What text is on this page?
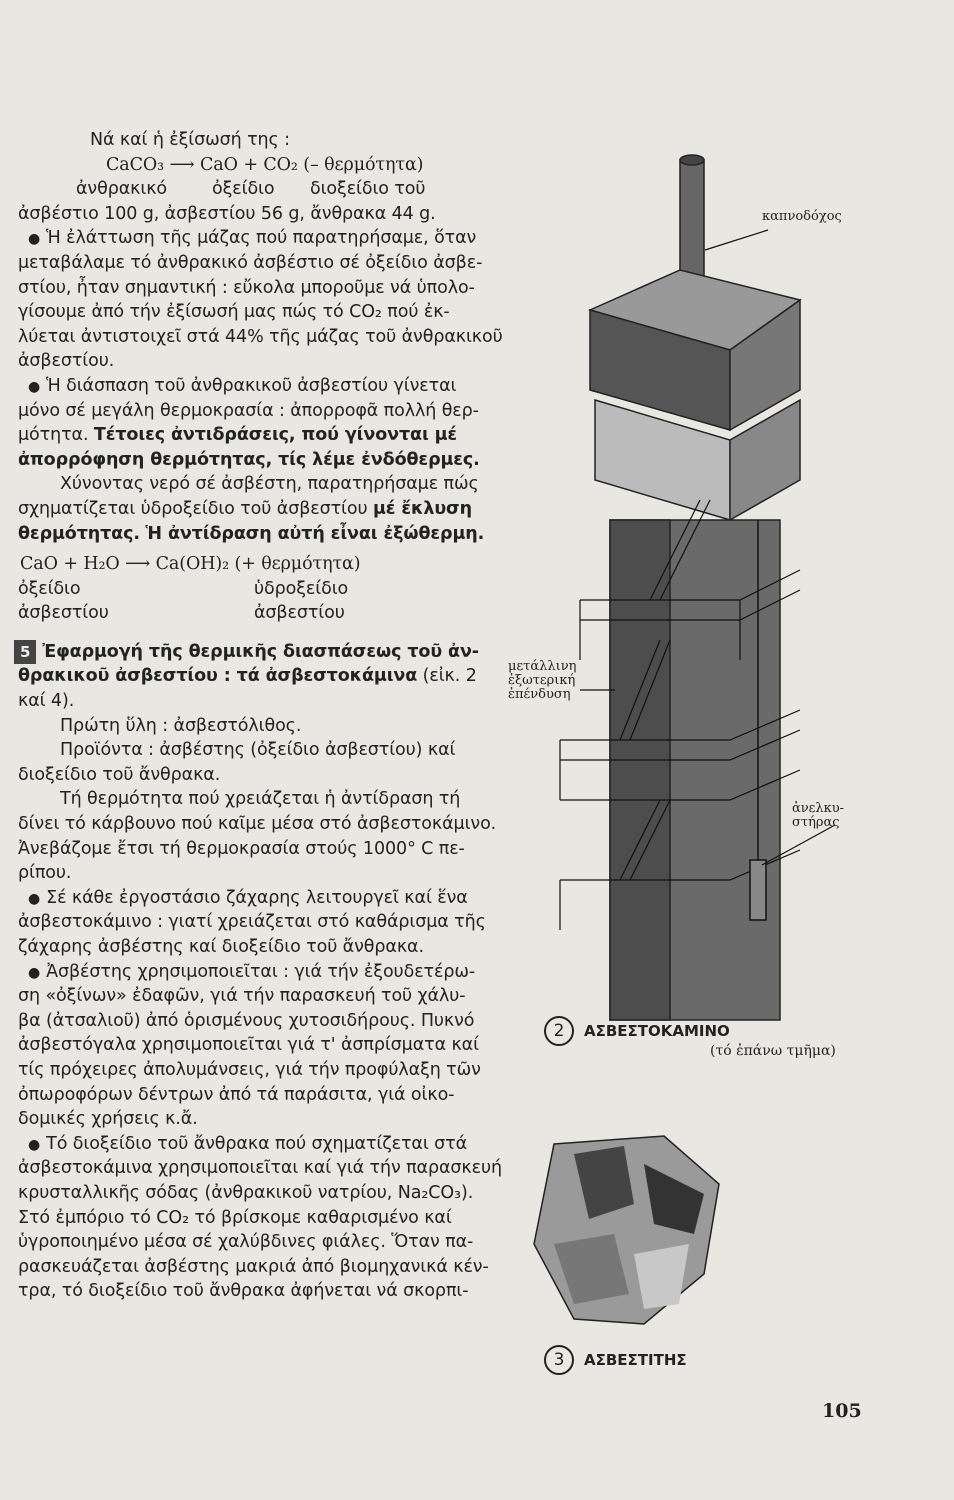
Νά καί ἡ ἐξίσωσή της :
CaCO₃ ⟶ CaO + CO₂ (– θερμότητα)
ἀνθρακικό	ὀξείδιο διοξείδιο τοῦ
ἀσβέστιο 100 g, ἀσβεστίου 56 g, ἄνθρακα 44 g.
● Ἡ ἐλάττωση τῆς μάζας πού παρατηρήσαμε, ὅταν
μεταβάλαμε τό ἀνθρακικό ἀσβέστιο σέ ὀξείδιο ἀσβε-
στίου, ἦταν σημαντική : εὔκολα μποροῦμε νά ὑπολο-
γίσουμε ἀπό τήν ἐξίσωσή μας πώς τό CO₂ πού ἐκ-
λύεται ἀντιστοιχεῖ στά 44% τῆς μάζας τοῦ ἀνθρακικοῦ
ἀσβεστίου.
● Ἡ διάσπαση τοῦ ἀνθρακικοῦ ἀσβεστίου γίνεται
μόνο σέ μεγάλη θερμοκρασία : ἀπορροφᾶ πολλή θερ-
μότητα. Τέτοιες ἀντιδράσεις, πού γίνονται μέ
ἀπορρόφηση θερμότητας, τίς λέμε ἐνδόθερμες.
Χύνοντας νερό σέ ἀσβέστη, παρατηρήσαμε πώς
σχηματίζεται ὑδροξείδιο τοῦ ἀσβεστίου μέ ἔκλυση
θερμότητας. Ἡ ἀντίδραση αὐτή εἶναι ἐξώθερμη.
CaO + H₂O ⟶ Ca(OH)₂ (+ θερμότητα)
ὀξείδιο	ὑδροξείδιο
ἀσβεστίου	ἀσβεστίου
5 Ἐφαρμογή τῆς θερμικῆς διασπάσεως τοῦ ἀν-
θρακικοῦ ἀσβεστίου : τά ἀσβεστοκάμινα (εἰκ. 2
καί 4).
Πρώτη ὕλη : ἀσβεστόλιθος.
Προϊόντα : ἀσβέστης (ὀξείδιο ἀσβεστίου) καί
διοξείδιο τοῦ ἄνθρακα.
Τή θερμότητα πού χρειάζεται ἡ ἀντίδραση τή
δίνει τό κάρβουνο πού καῖμε μέσα στό ἀσβεστοκάμινο.
Ἀνεβάζομε ἔτσι τή θερμοκρασία στούς 1000° C πε-
ρίπου.
● Σέ κάθε ἐργοστάσιο ζάχαρης λειτουργεῖ καί ἕνα
ἀσβεστοκάμινο : γιατί χρειάζεται στό καθάρισμα τῆς
ζάχαρης ἀσβέστης καί διοξείδιο τοῦ ἄνθρακα.
● Ἀσβέστης χρησιμοποιεῖται : γιά τήν ἐξουδετέρω-
ση «ὀξίνων» ἐδαφῶν, γιά τήν παρασκευή τοῦ χάλυ-
βα (ἀτσαλιοῦ) ἀπό ὁρισμένους χυτοσιδήρους. Πυκνό
ἀσβεστόγαλα χρησιμοποιεῖται γιά τ' ἀσπρίσματα καί
τίς πρόχειρες ἀπολυμάνσεις, γιά τήν προφύλαξη τῶν
ὀπωροφόρων δέντρων ἀπό τά παράσιτα, γιά οἰκο-
δομικές χρήσεις κ.ἄ.
● Τό διοξείδιο τοῦ ἄνθρακα πού σχηματίζεται στά
ἀσβεστοκάμινα χρησιμοποιεῖται καί γιά τήν παρασκευή
κρυσταλλικῆς σόδας (ἀνθρακικοῦ νατρίου, Na₂CO₃).
Στό ἐμπόριο τό CO₂ τό βρίσκομε καθαρισμένο καί
ὑγροποιημένο μέσα σέ χαλύβδινες φιάλες. Ὅταν πα-
ρασκευάζεται ἀσβέστης μακριά ἀπό βιομηχανικά κέν-
τρα, τό διοξείδιο τοῦ ἄνθρακα ἀφήνεται νά σκορπι-
καπνοδόχος
μετάλλινη
ἐξωτερική
ἐπένδυση
ἀνελκυ-
στήρας
2 ΑΣΒΕΣΤΟΚΑΜΙΝΟ
(τό ἐπάνω τμῆμα)
3 ΑΣΒΕΣΤΙΤΗΣ
105
